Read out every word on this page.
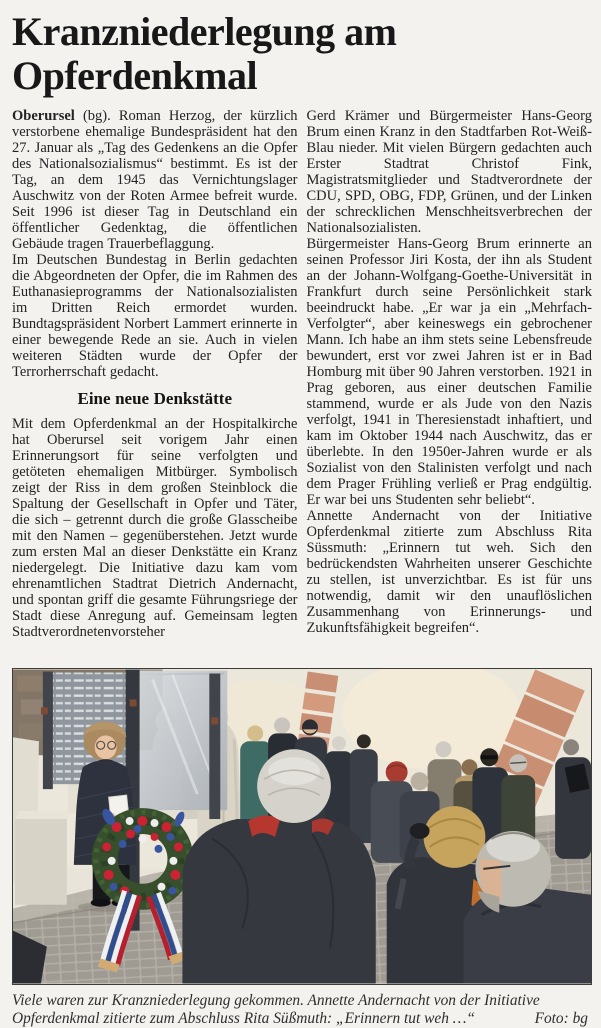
Kranzniederlegung am Opferdenkmal

Oberursel (bg). Roman Herzog, der kürzlich verstorbene ehemalige Bundespräsident hat den 27. Januar als „Tag des Gedenkens an die Opfer des Nationalsozialismus“ bestimmt. Es ist der Tag, an dem 1945 das Vernichtungslager Auschwitz von der Roten Armee befreit wurde. Seit 1996 ist dieser Tag in Deutschland ein öffentlicher Gedenktag, die öffentlichen Gebäude tragen Trauerbeflaggung.

Im Deutschen Bundestag in Berlin gedachten die Abgeordneten der Opfer, die im Rahmen des Euthanasieprogramms der Nationalsozialisten im Dritten Reich ermordet wurden. Bundtagspräsident Norbert Lammert erinnerte in einer bewegende Rede an sie. Auch in vielen weiteren Städten wurde der Opfer der Terrorherrschaft gedacht.

Eine neue Denkstätte

Mit dem Opferdenkmal an der Hospitalkirche hat Oberursel seit vorigem Jahr einen Erinnerungsort für seine verfolgten und getöteten ehemaligen Mitbürger. Symbolisch zeigt der Riss in dem großen Steinblock die Spaltung der Gesellschaft in Opfer und Täter, die sich – getrennt durch die große Glasscheibe mit den Namen – gegenüberstehen. Jetzt wurde zum ersten Mal an dieser Denkstätte ein Kranz niedergelegt. Die Initiative dazu kam vom ehrenamtlichen Stadtrat Dietrich Andernacht, und spontan griff die gesamte Führungsriege der Stadt diese Anregung auf. Gemeinsam legten Stadtverordnetenvorsteher

Gerd Krämer und Bürgermeister Hans-Georg Brum einen Kranz in den Stadtfarben Rot-Weiß-Blau nieder. Mit vielen Bürgern gedachten auch Erster Stadtrat Christof Fink, Magistratsmitglieder und Stadtverordnete der CDU, SPD, OBG, FDP, Grünen, und der Linken der schrecklichen Menschheitsverbrechen der Nationalsozialisten.

Bürgermeister Hans-Georg Brum erinnerte an seinen Professor Jiri Kosta, der ihn als Student an der Johann-Wolfgang-Goethe-Universität in Frankfurt durch seine Persönlichkeit stark beeindruckt habe. „Er war ja ein „Mehrfach-Verfolgter“, aber keineswegs ein gebrochener Mann. Ich habe an ihm stets seine Lebensfreude bewundert, erst vor zwei Jahren ist er in Bad Homburg mit über 90 Jahren verstorben. 1921 in Prag geboren, aus einer deutschen Familie stammend, wurde er als Jude von den Nazis verfolgt, 1941 in Theresienstadt inhaftiert, und kam im Oktober 1944 nach Auschwitz, das er überlebte. In den 1950er-Jahren wurde er als Sozialist von den Stalinisten verfolgt und nach dem Prager Frühling verließ er Prag endgültig. Er war bei uns Studenten sehr beliebt“.

Annette Andernacht von der Initiative Opferdenkmal zitierte zum Abschluss Rita Süssmuth: „Erinnern tut weh. Sich den bedrückendsten Wahrheiten unserer Geschichte zu stellen, ist unverzichtbar. Es ist für uns notwendig, damit wir den unauflöslichen Zusammenhang von Erinnerungs- und Zukunftsfähigkeit begreifen“.

Viele waren zur Kranzniederlegung gekommen. Annette Andernacht von der Initiative Opferdenkmal zitierte zum Abschluss Rita Süßmuth: „Erinnern tut weh …“	Foto: bg
